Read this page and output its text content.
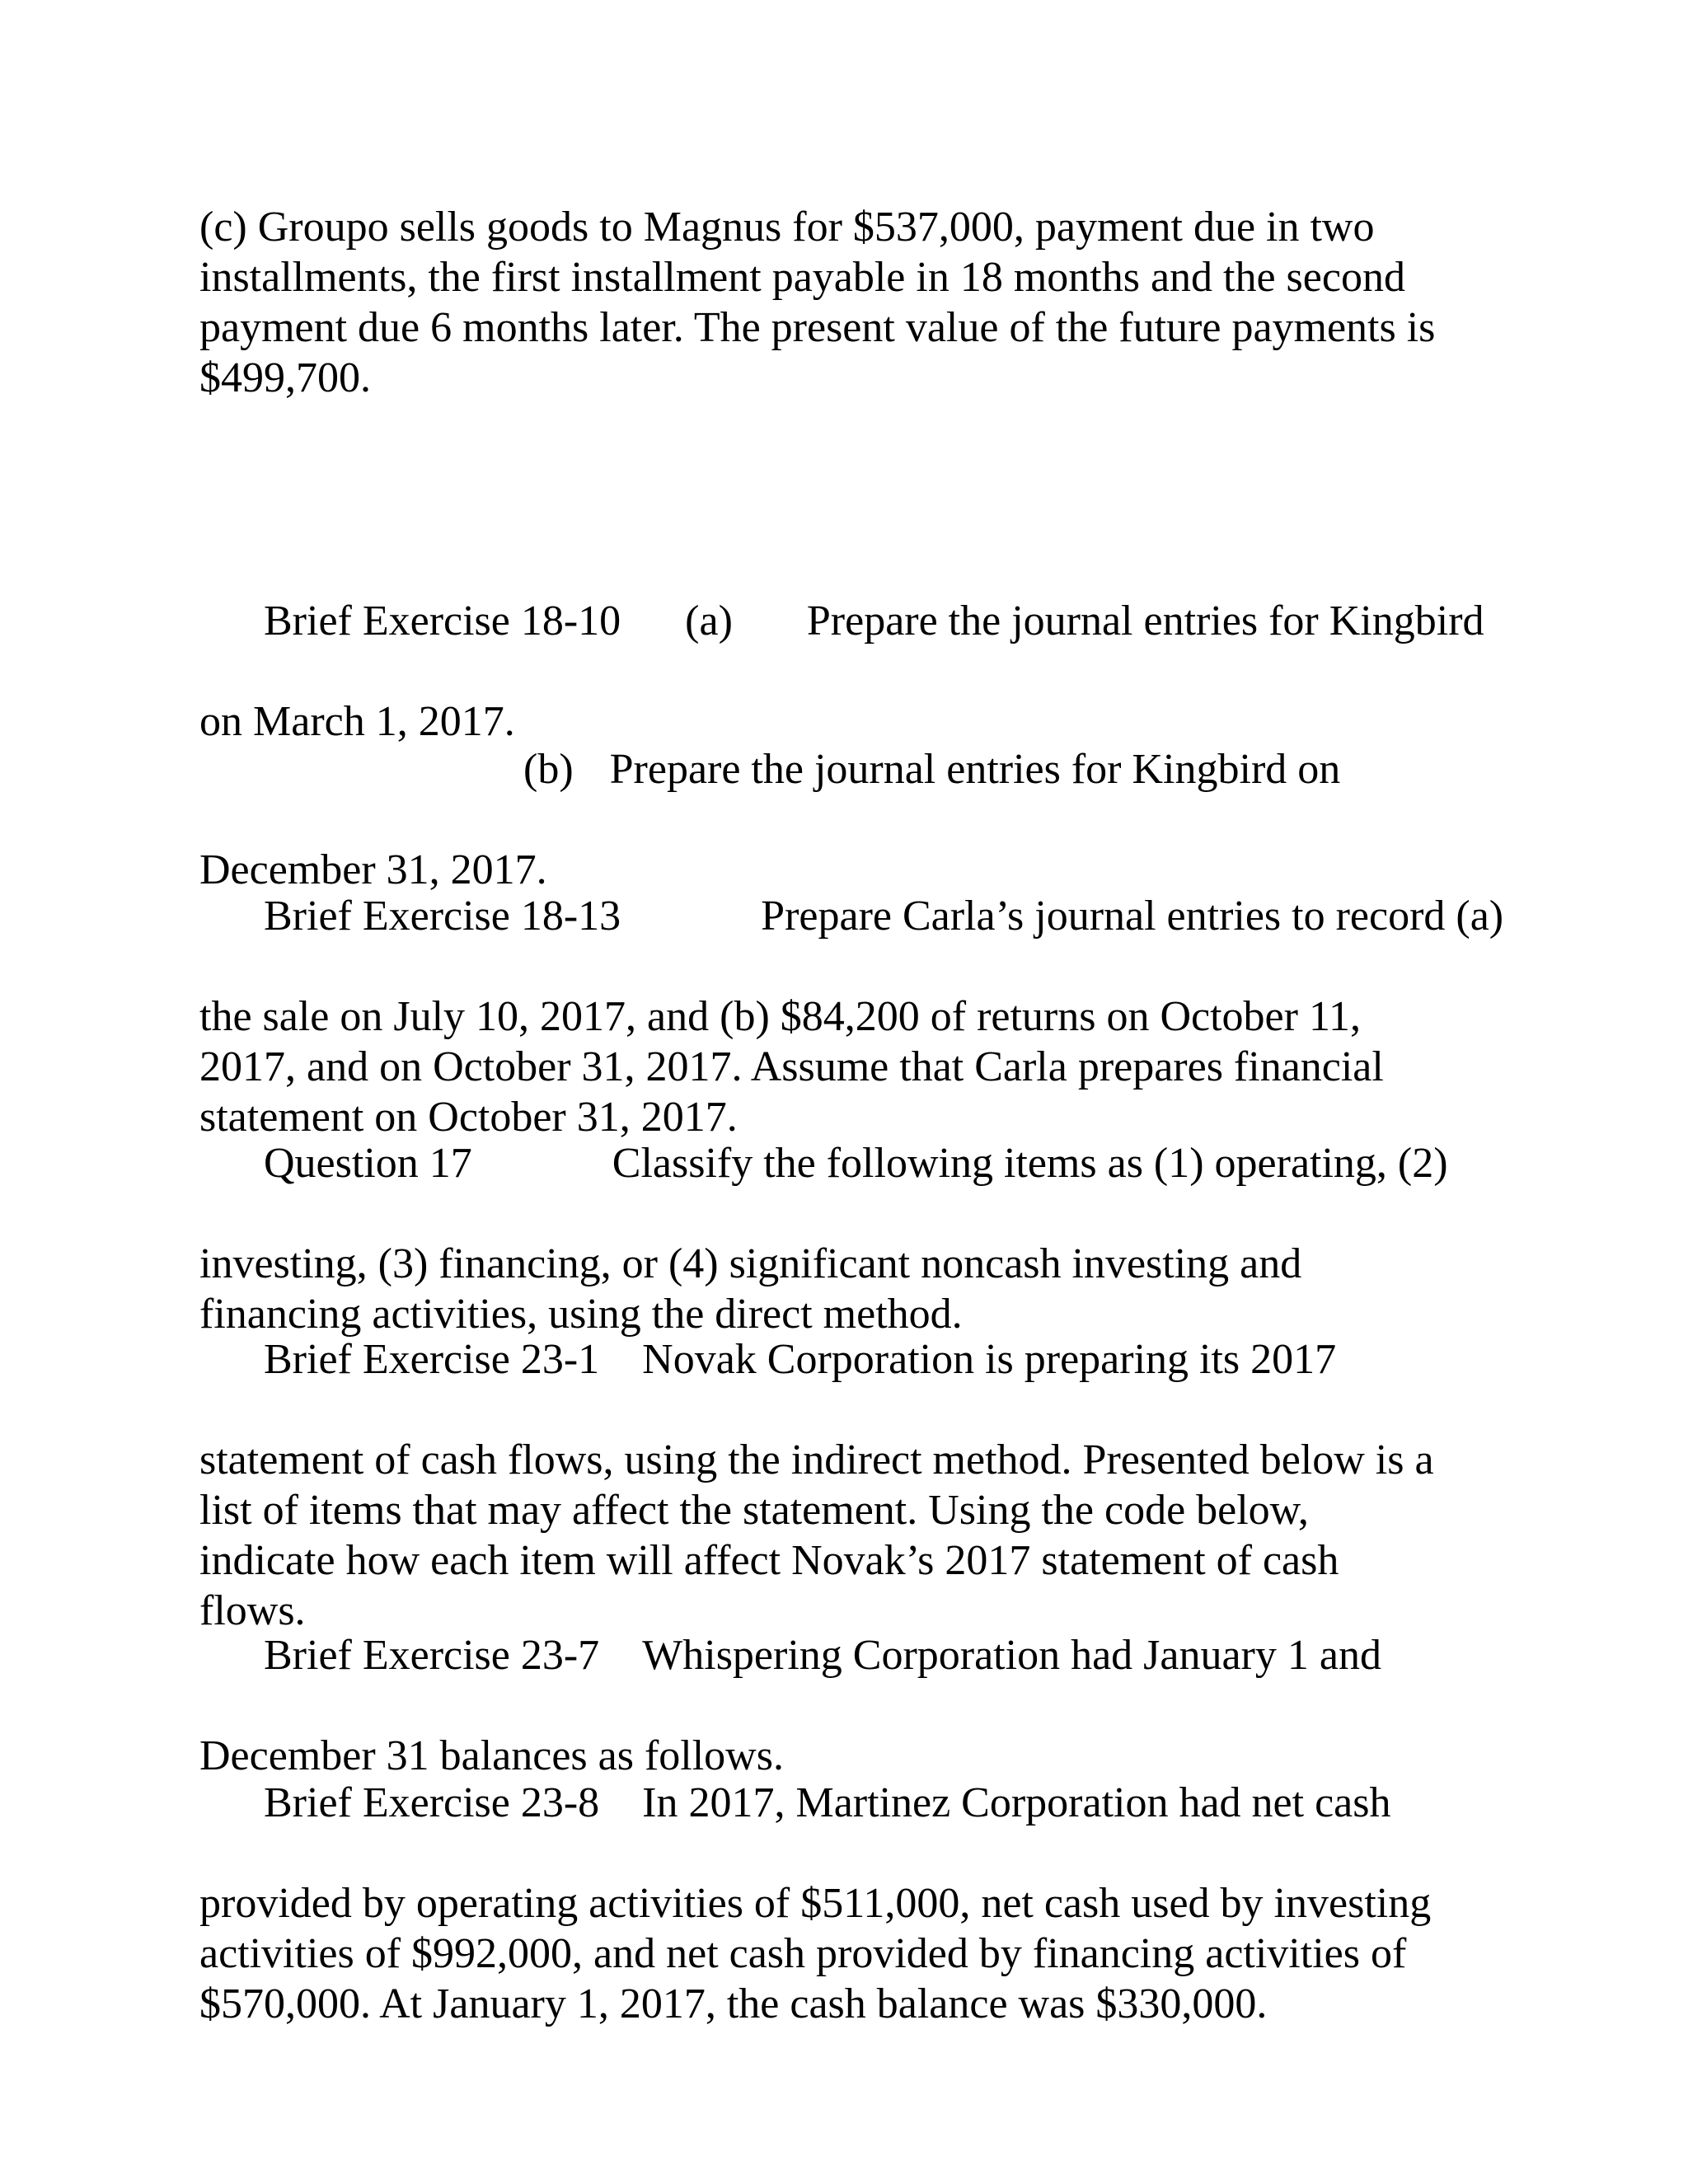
(c) Groupo sells goods to Magnus for $537,000, payment due in two
installments, the first installment payable in 18 months and the second
payment due 6 months later. The present value of the future payments is
$499,700.

Brief Exercise 18-10 (a) Prepare the journal entries for Kingbird

on March 1, 2017.

(b) Prepare the journal entries for Kingbird on

December 31, 2017.

Brief Exercise 18-13	Prepare Carla’s journal entries to record (a)

the sale on July 10, 2017, and (b) $84,200 of returns on October 11,
2017, and on October 31, 2017. Assume that Carla prepares financial
statement on October 31, 2017.

Question 17	Classify the following items as (1) operating, (2)

investing, (3) financing, or (4) significant noncash investing and
financing activities, using the direct method.

Brief Exercise 23-1 Novak Corporation is preparing its 2017

statement of cash flows, using the indirect method. Presented below is a
list of items that may affect the statement. Using the code below,
indicate how each item will affect Novak’s 2017 statement of cash
flows.

Brief Exercise 23-7 Whispering Corporation had January 1 and

December 31 balances as follows.

Brief Exercise 23-8 In 2017, Martinez Corporation had net cash

provided by operating activities of $511,000, net cash used by investing
activities of $992,000, and net cash provided by financing activities of
$570,000. At January 1, 2017, the cash balance was $330,000.
